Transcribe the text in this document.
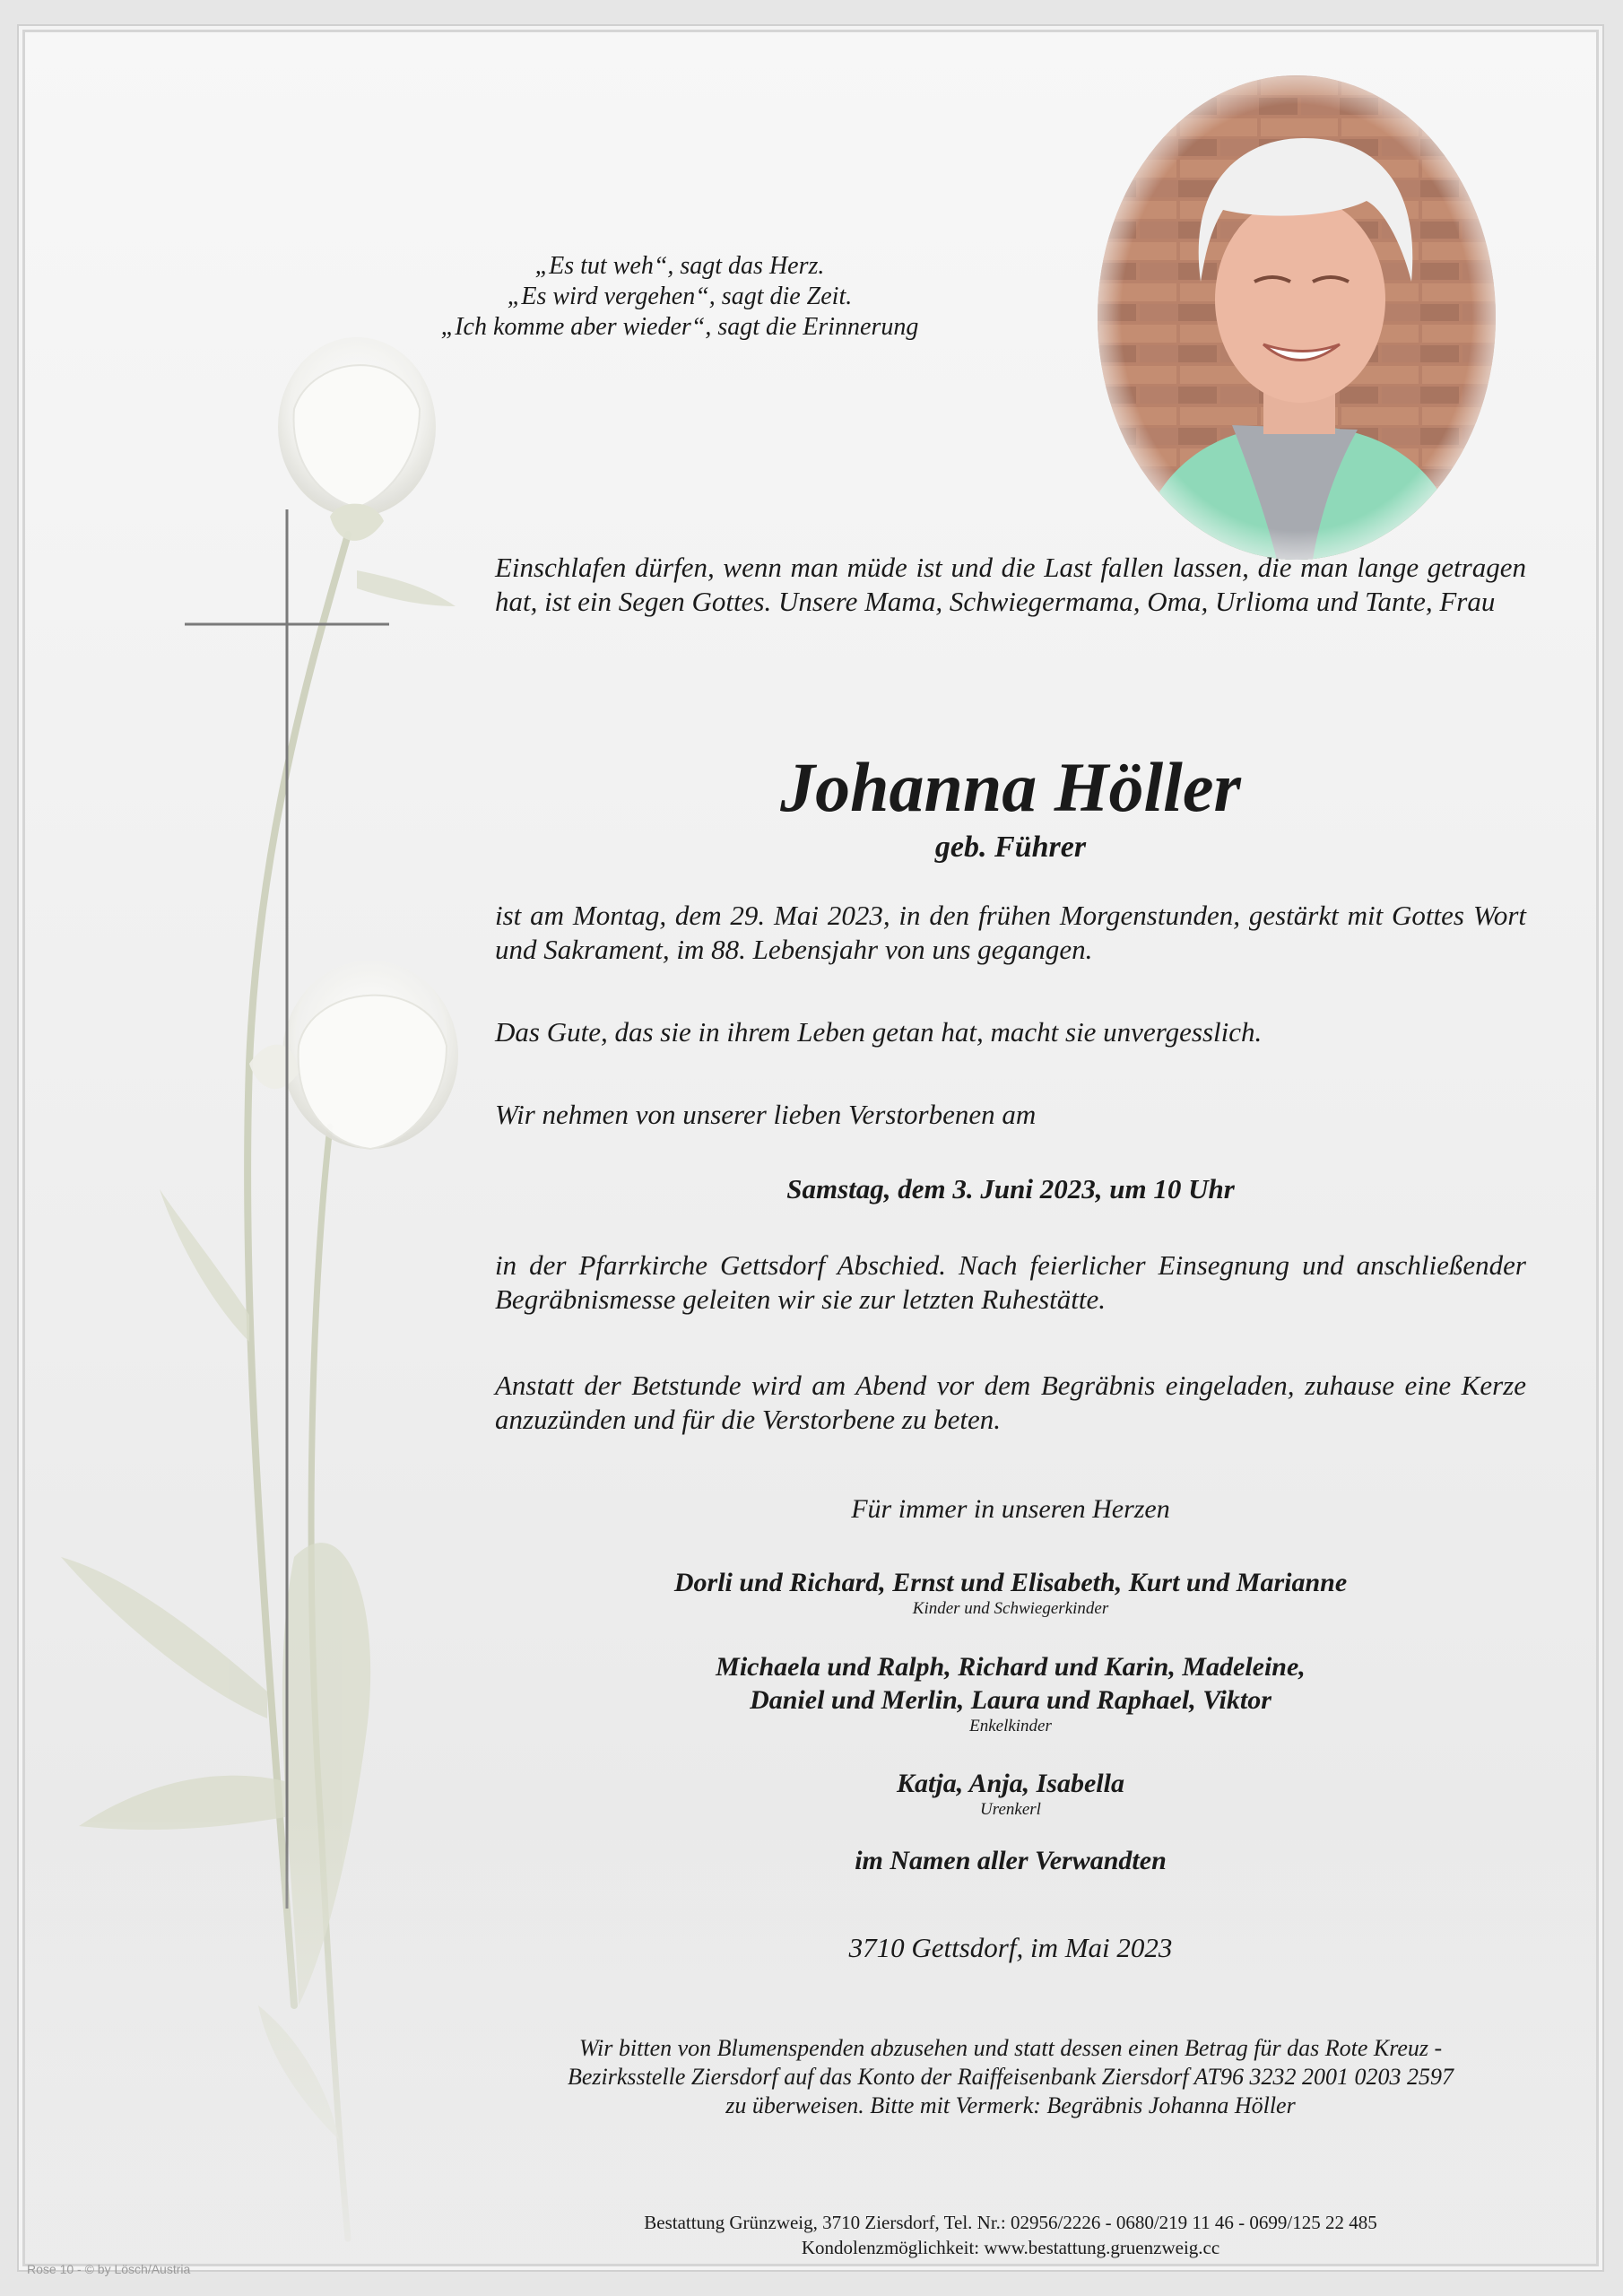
„Es tut weh“, sagt das Herz.
„Es wird vergehen“, sagt die Zeit.
„Ich komme aber wieder“, sagt die Erinnerung
Einschlafen dürfen, wenn man müde ist und die Last fallen lassen, die man lange getragen hat, ist ein Segen Gottes. Unsere Mama, Schwiegermama, Oma, Urlioma und Tante, Frau
Johanna Höller
geb. Führer
ist am Montag, dem 29. Mai 2023, in den frühen Morgenstunden, gestärkt mit Gottes Wort und Sakrament, im 88. Lebensjahr von uns gegangen.
Das Gute, das sie in ihrem Leben getan hat, macht sie unvergesslich.
Wir nehmen von unserer lieben Verstorbenen am
Samstag, dem 3. Juni 2023, um 10 Uhr
in der Pfarrkirche Gettsdorf Abschied. Nach feierlicher Einsegnung und anschließender Begräbnismesse geleiten wir sie zur letzten Ruhestätte.
Anstatt der Betstunde wird am Abend vor dem Begräbnis eingeladen, zuhause eine Kerze anzuzünden und für die Verstorbene zu beten.
Für immer in unseren Herzen
Dorli und Richard, Ernst und Elisabeth, Kurt und Marianne
Kinder und Schwiegerkinder
Michaela und Ralph, Richard und Karin, Madeleine,
Daniel und Merlin, Laura und Raphael, Viktor
Enkelkinder
Katja, Anja, Isabella
Urenkerl
im Namen aller Verwandten
3710 Gettsdorf, im Mai 2023
Wir bitten von Blumenspenden abzusehen und statt dessen einen Betrag für das Rote Kreuz -
Bezirksstelle Ziersdorf auf das Konto der Raiffeisenbank Ziersdorf AT96 3232 2001 0203 2597
zu überweisen. Bitte mit Vermerk: Begräbnis Johanna Höller
Bestattung Grünzweig, 3710 Ziersdorf, Tel. Nr.: 02956/2226 - 0680/219 11 46 - 0699/125 22 485
Kondolenzmöglichkeit: www.bestattung.gruenzweig.cc
Rose 10 - © by Lösch/Austria
